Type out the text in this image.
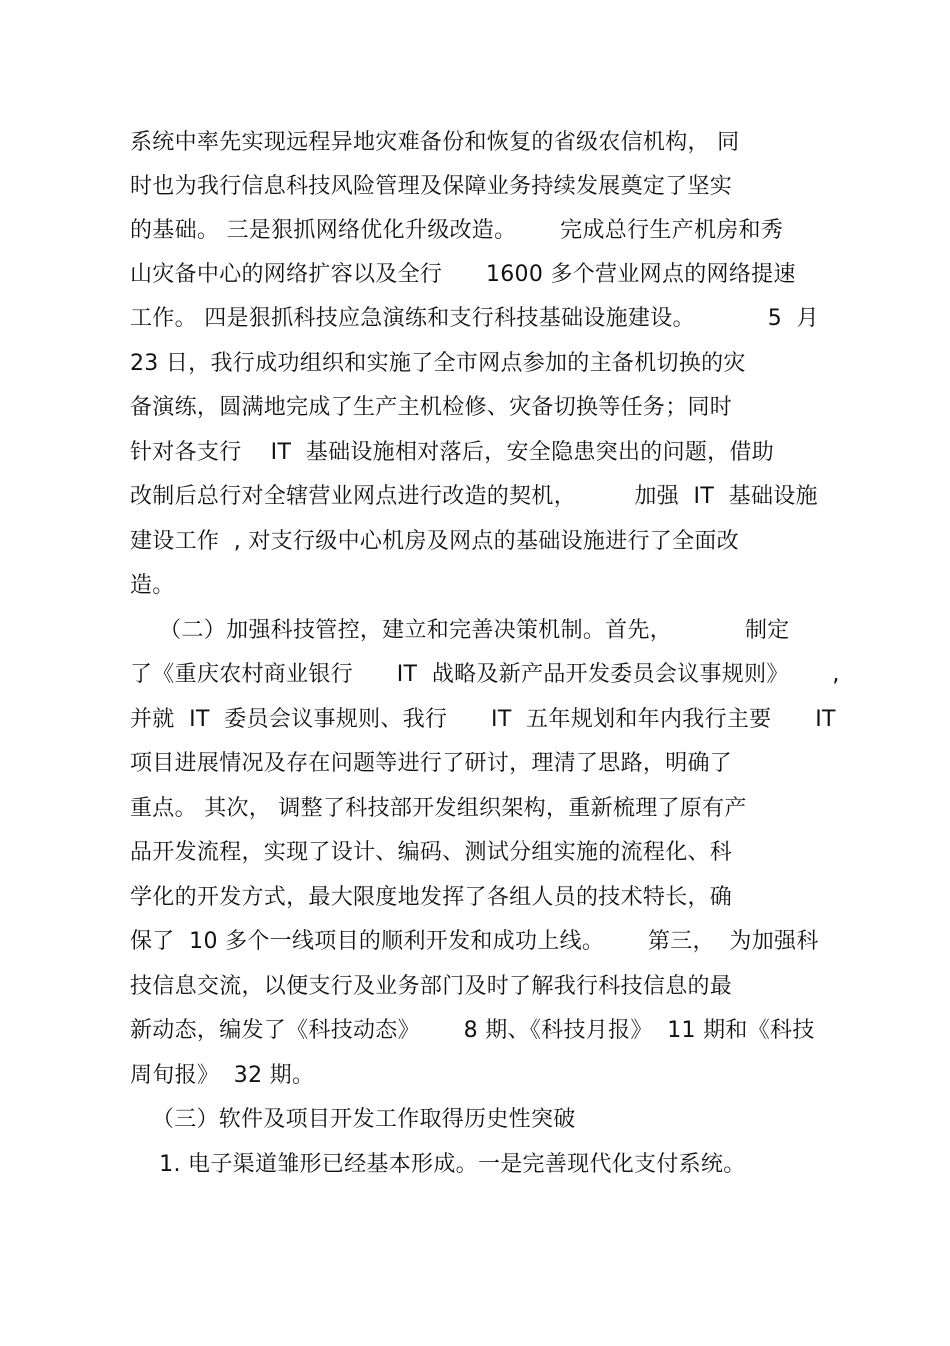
系统中率先实现远程异地灾难备份和恢复的省级农信机构， 同
时也为我行信息科技风险管理及保障业务持续发展奠定了坚实
的基础。 三是狠抓网络优化升级改造。      完成总行生产机房和秀
山灾备中心的网络扩容以及全行      1600 多个营业网点的网络提速
工作。 四是狠抓科技应急演练和支行科技基础设施建设。          5  月
23 日，我行成功组织和实施了全市网点参加的主备机切换的灾
备演练，圆满地完成了生产主机检修、灾备切换等任务；同时
针对各支行    IT  基础设施相对落后，安全隐患突出的问题，借助
改制后总行对全辖营业网点进行改造的契机，        加强  IT  基础设施
建设工作  , 对支行级中心机房及网点的基础设施进行了全面改
造。
（二）加强科技管控，建立和完善决策机制。首先，          制定
了《重庆农村商业银行      IT  战略及新产品开发委员会议事规则》      ,
并就  IT  委员会议事规则、我行      IT  五年规划和年内我行主要      IT
项目进展情况及存在问题等进行了研讨，理清了思路，明确了
重点。 其次， 调整了科技部开发组织架构，重新梳理了原有产
品开发流程，实现了设计、编码、测试分组实施的流程化、科
学化的开发方式，最大限度地发挥了各组人员的技术特长，确
保了  10 多个一线项目的顺利开发和成功上线。      第三，  为加强科
技信息交流，以便支行及业务部门及时了解我行科技信息的最
新动态，编发了《科技动态》      8 期、《科技月报》  11 期和《科技
周旬报》  32 期。
（三）软件及项目开发工作取得历史性突破
1. 电子渠道雏形已经基本形成。一是完善现代化支付系统。
